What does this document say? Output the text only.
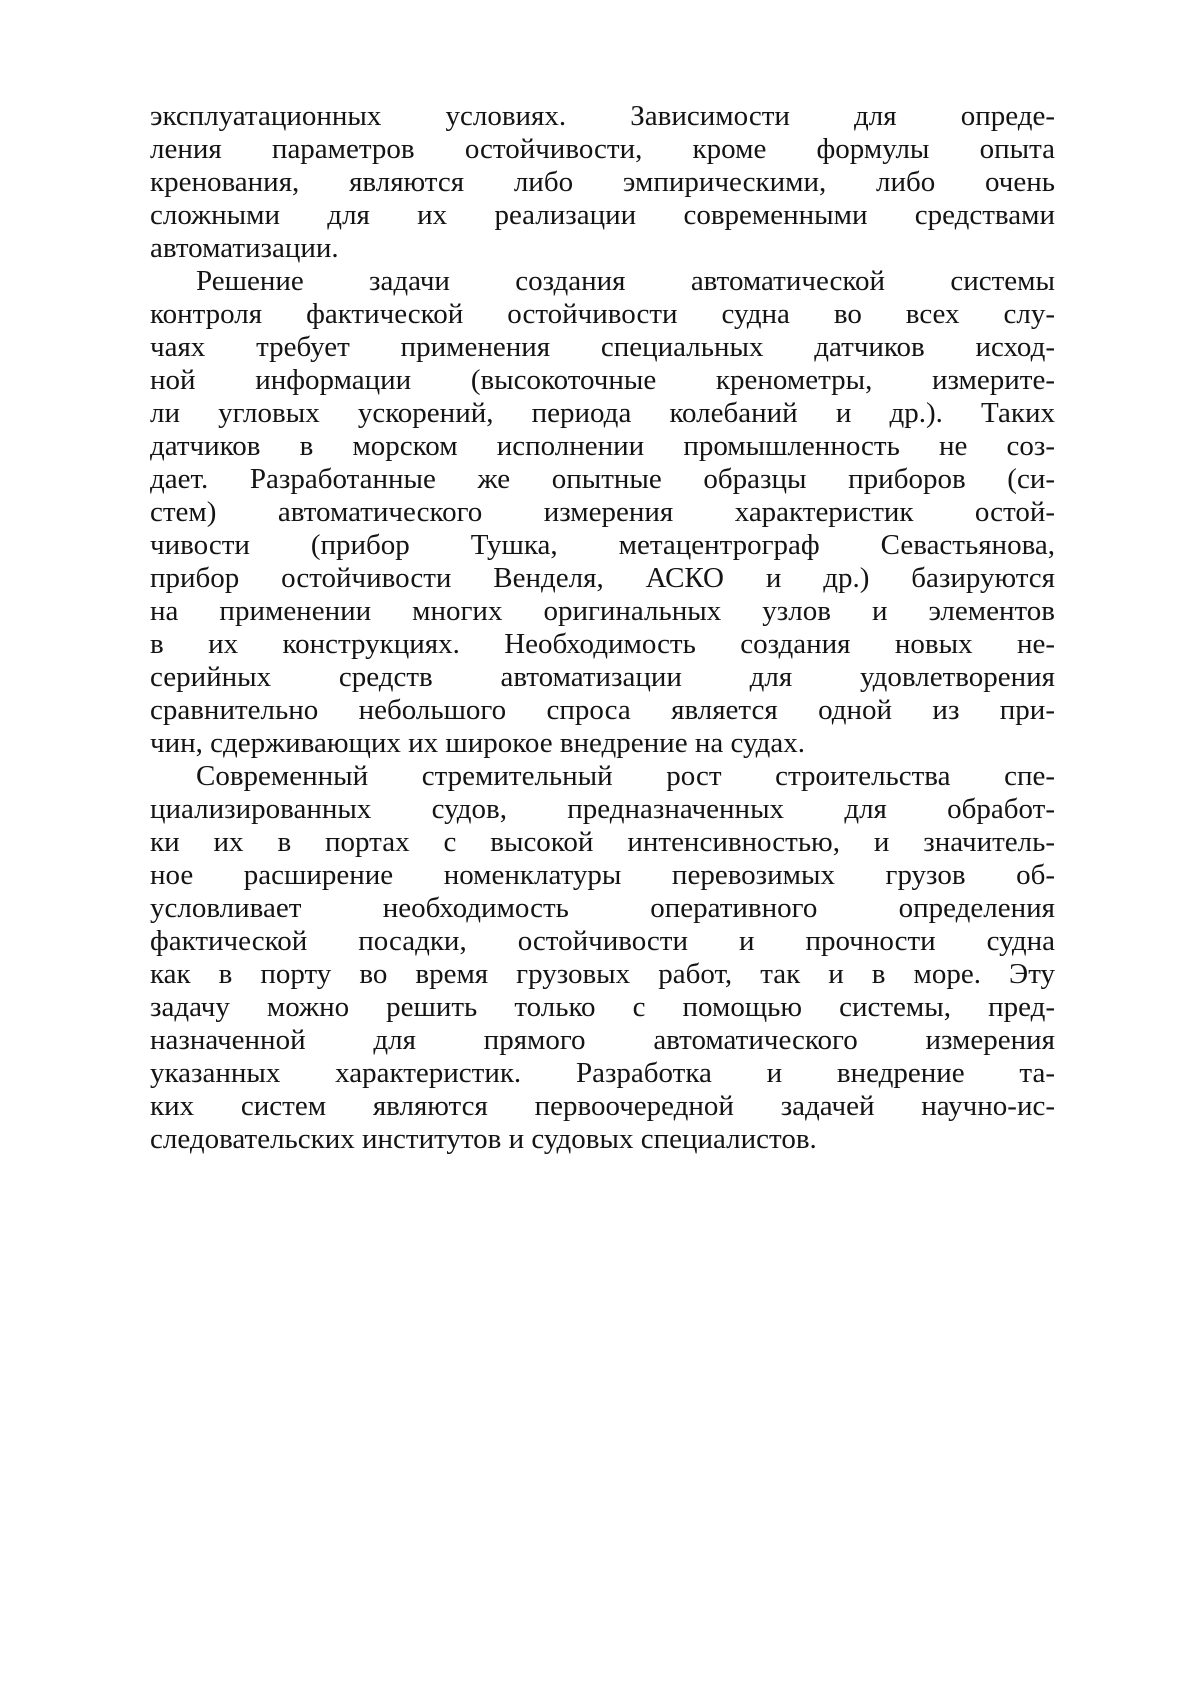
эксплуатационных условиях. Зависимости для опреде-
ления параметров остойчивости, кроме формулы опыта
кренования, являются либо эмпирическими, либо очень
сложными для их реализации современными средствами
автоматизации.
Решение задачи создания автоматической системы
контроля фактической остойчивости судна во всех слу-
чаях требует применения специальных датчиков исход-
ной информации (высокоточные кренометры, измерите-
ли угловых ускорений, периода колебаний и др.). Таких
датчиков в морском исполнении промышленность не соз-
дает. Разработанные же опытные образцы приборов (си-
стем) автоматического измерения характеристик остой-
чивости (прибор Тушка, метацентрограф Севастьянова,
прибор остойчивости Венделя, АСКО и др.) базируются
на применении многих оригинальных узлов и элементов
в их конструкциях. Необходимость создания новых не-
серийных средств автоматизации для удовлетворения
сравнительно небольшого спроса является одной из при-
чин, сдерживающих их широкое внедрение на судах.
Современный стремительный рост строительства спе-
циализированных судов, предназначенных для обработ-
ки их в портах с высокой интенсивностью, и значитель-
ное расширение номенклатуры перевозимых грузов об-
условливает необходимость оперативного определения
фактической посадки, остойчивости и прочности судна
как в порту во время грузовых работ, так и в море. Эту
задачу можно решить только с помощью системы, пред-
назначенной для прямого автоматического измерения
указанных характеристик. Разработка и внедрение та-
ких систем являются первоочередной задачей научно-ис-
следовательских институтов и судовых специалистов.
